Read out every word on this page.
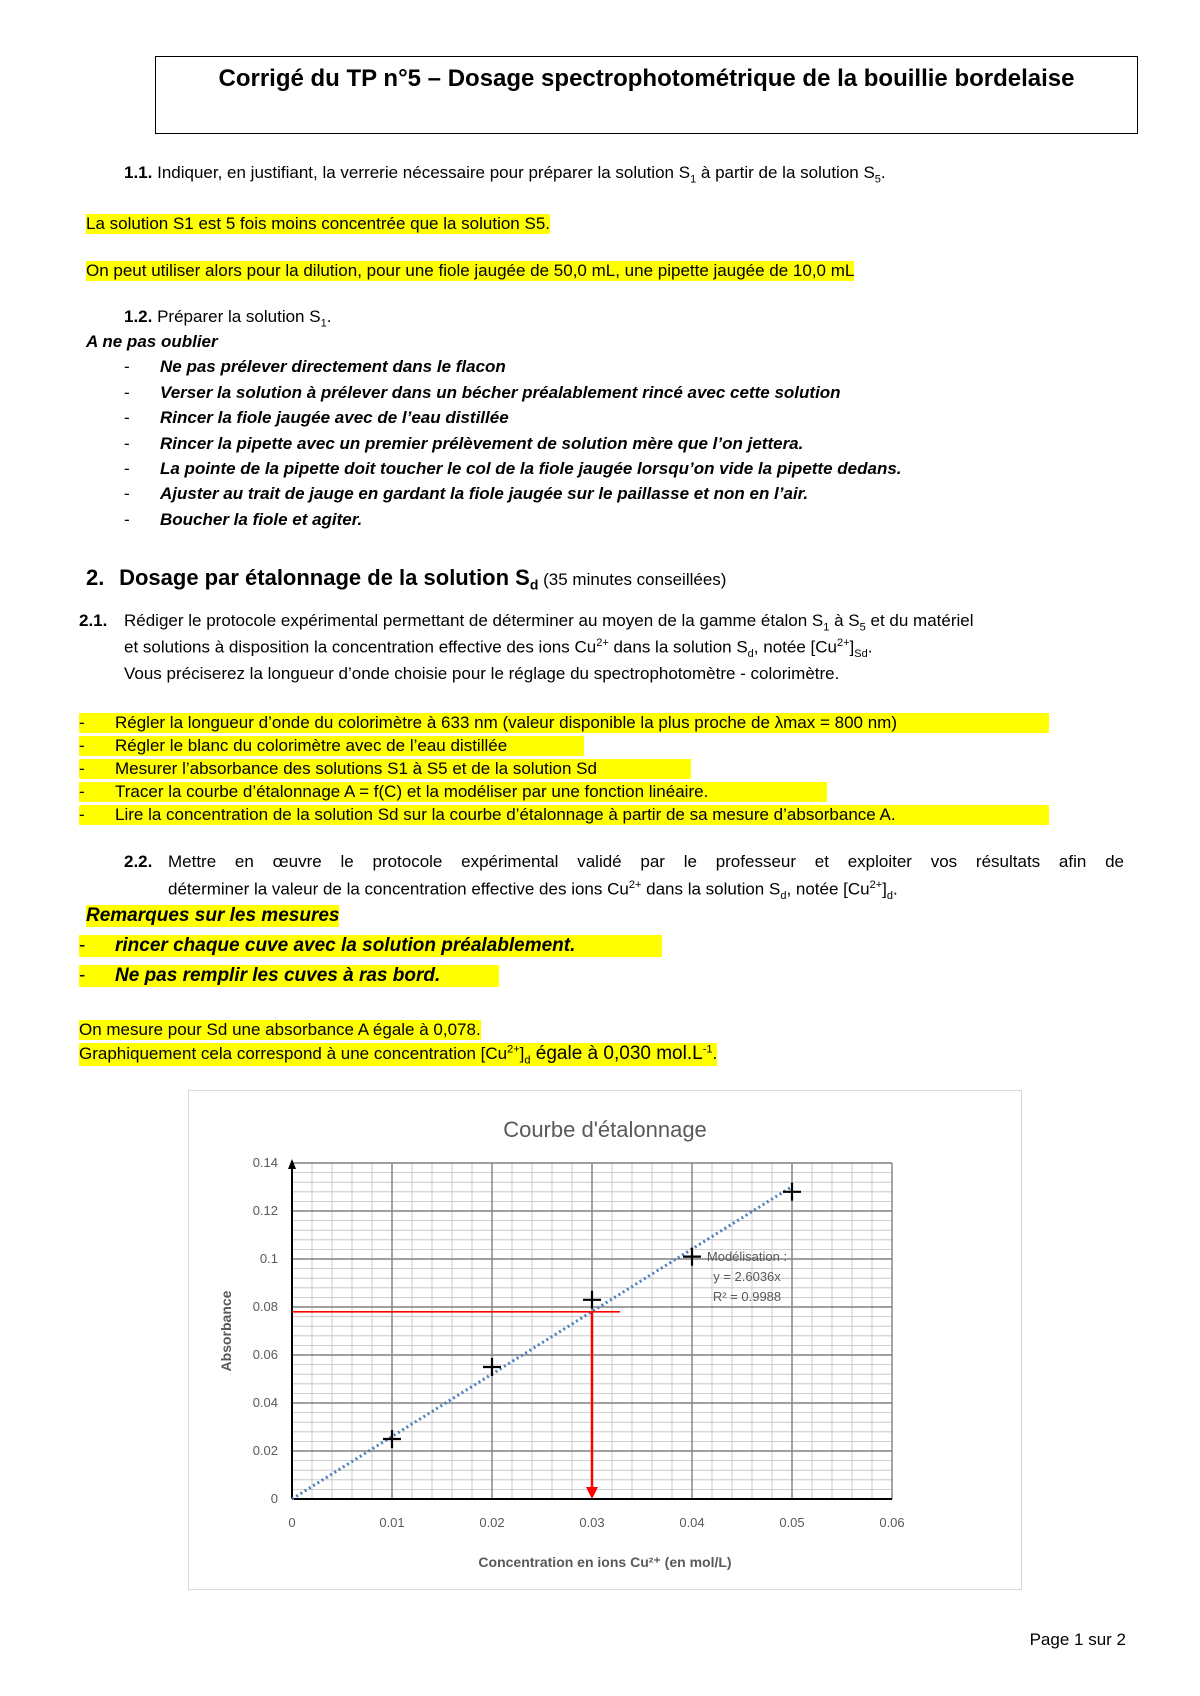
Corrigé du TP n°5 – Dosage spectrophotométrique de la bouillie bordelaise
1.1. Indiquer, en justifiant, la verrerie nécessaire pour préparer la solution $S_1$ à partir de la solution $S_5$.
La solution S1 est 5 fois moins concentrée que la solution S5.
On peut utiliser alors pour la dilution, pour une fiole jaugée de 50,0 mL, une pipette jaugée de 10,0 mL
1.2. Préparer la solution $S_1$.
A ne pas oublier
- Ne pas prélever directement dans le flacon
- Verser la solution à prélever dans un bécher préalablement rincé avec cette solution
- Rincer la fiole jaugée avec de l’eau distillée
- Rincer la pipette avec un premier prélèvement de solution mère que l’on jettera.
- La pointe de la pipette doit toucher le col de la fiole jaugée lorsqu’on vide la pipette dedans.
- Ajuster au trait de jauge en gardant la fiole jaugée sur le paillasse et non en l’air.
- Boucher la fiole et agiter.
2. Dosage par étalonnage de la solution $S_d$ (35 minutes conseillées)
2.1. Rédiger le protocole expérimental permettant de déterminer au moyen de la gamme étalon $S_1$ à $S_5$ et du matériel
et solutions à disposition la concentration effective des ions $Cu^{2+}$ dans la solution $S_d$, notée $[Cu^{2+}]_{Sd}$.
Vous préciserez la longueur d’onde choisie pour le réglage du spectrophotomètre - colorimètre.
- Régler la longueur d’onde du colorimètre à 633 nm (valeur disponible la plus proche de λmax = 800 nm)
- Régler le blanc du colorimètre avec de l’eau distillée
- Mesurer l’absorbance des solutions S1 à S5 et de la solution Sd
- Tracer la courbe d’étalonnage A = f(C) et la modéliser par une fonction linéaire.
- Lire la concentration de la solution Sd sur la courbe d’étalonnage à partir de sa mesure d’absorbance A.
2.2. Mettre en œuvre le protocole expérimental validé par le professeur et exploiter vos résultats afin de
déterminer la valeur de la concentration effective des ions $Cu^{2+}$ dans la solution $S_d$, notée $[Cu^{2+}]_d$.
Remarques sur les mesures
- rincer chaque cuve avec la solution préalablement.
- Ne pas remplir les cuves à ras bord.
On mesure pour Sd une absorbance A égale à 0,078.
Graphiquement cela correspond à une concentration $[Cu^{2+}]_d$ égale à 0,030 $mol.L^{-1}$.
0	0.01	0.02	0.03	0.04	0.05	0.06
0
0.02
0.04
0.06
0.08
0.1
0.12
0.14
Courbe d'étalonnage
Concentration en ions Cu²⁺ (en mol/L)
Absorbance
Modélisation :
y = 2.6036x
R² = 0.9988
Page 1 sur 2
